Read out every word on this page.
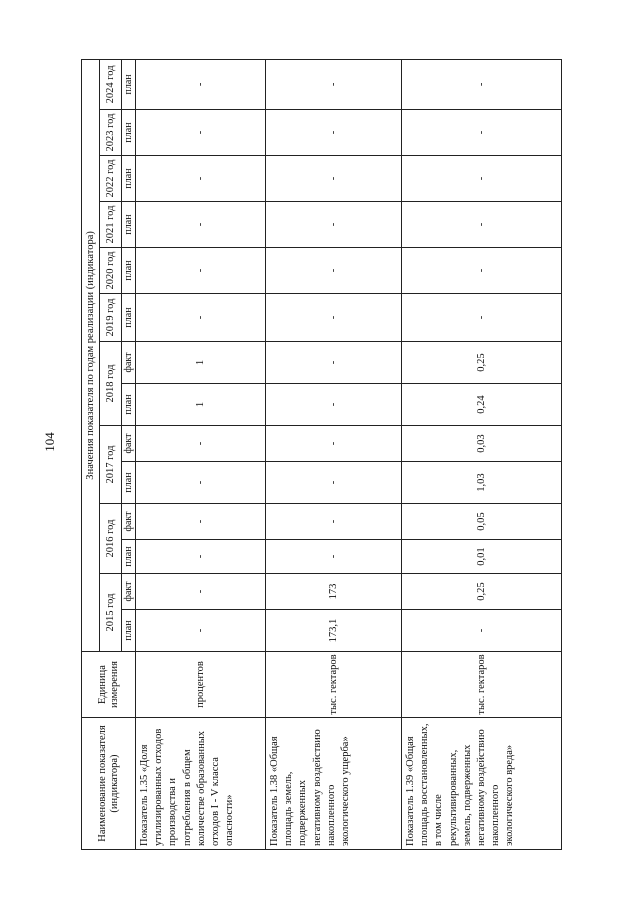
104
Наименование показателя (индикатора)	Единица измерения	Значения показателя по годам реализации (индикатора)													
		2015 год		2016 год		2017 год		2018 год		2019 год	2020 год	2021 год	2022 год	2023 год	2024 год
		план	факт	план	факт	план	факт	план	факт	план	план	план	план	план	план
Показатель 1.35 «Доля утилизированных отходов производства и потребления в общем количестве образованных отходов I - V класса опасности»	процентов	-	-	-	-	-	-	1	1	-	-	-	-	-	-
Показатель 1.38 «Общая площадь земель, подверженных негативному воздействию накопленного экологического ущерба»	тыс. гектаров	173,1	173	-	-	-	-	-	-	-	-	-	-	-	-
Показатель 1.39 «Общая площадь восстановленных, в том числе рекультивированных, земель, подверженных негативному воздействию накопленного экологического вреда»	тыс. гектаров	-	0,25	0,01	0,05	1,03	0,03	0,24	0,25	-	-	-	-	-	-
